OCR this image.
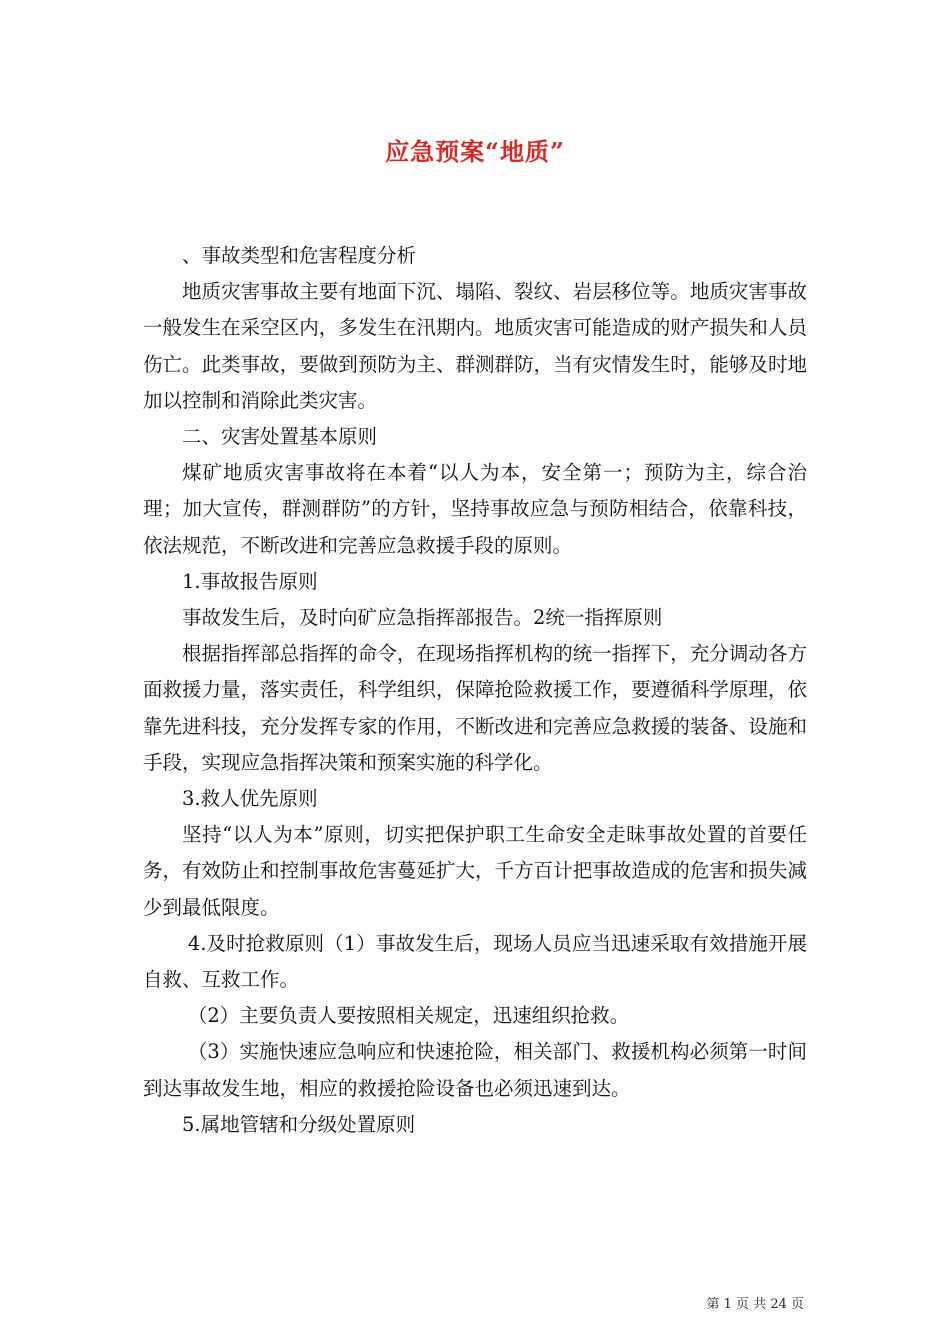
应急预案“地质”

、事故类型和危害程度分析

地质灾害事故主要有地面下沉、塌陷、裂纹、岩层移位等。地质灾害事故一般发生在采空区内，多发生在汛期内。地质灾害可能造成的财产损失和人员伤亡。此类事故，要做到预防为主、群测群防，当有灾情发生时，能够及时地加以控制和消除此类灾害。

二、灾害处置基本原则

煤矿地质灾害事故将在本着“以人为本，安全第一；预防为主，综合治理；加大宣传，群测群防”的方针，坚持事故应急与预防相结合，依靠科技，依法规范，不断改进和完善应急救援手段的原则。

1.事故报告原则

事故发生后，及时向矿应急指挥部报告。2统一指挥原则

根据指挥部总指挥的命令，在现场指挥机构的统一指挥下，充分调动各方面救援力量，落实责任，科学组织，保障抢险救援工作，要遵循科学原理，依靠先进科技，充分发挥专家的作用，不断改进和完善应急救援的装备、设施和手段，实现应急指挥决策和预案实施的科学化。

3.救人优先原则

坚持“以人为本”原则，切实把保护职工生命安全走昧事故处置的首要任务，有效防止和控制事故危害蔓延扩大，千方百计把事故造成的危害和损失减少到最低限度。

4.及时抢救原则（1）事故发生后，现场人员应当迅速采取有效措施开展自救、互救工作。

（2）主要负责人要按照相关规定，迅速组织抢救。

（3）实施快速应急响应和快速抢险，相关部门、救援机构必须第一时间到达事故发生地，相应的救援抢险设备也必须迅速到达。

5.属地管辖和分级处置原则

第 1 页 共 24 页
